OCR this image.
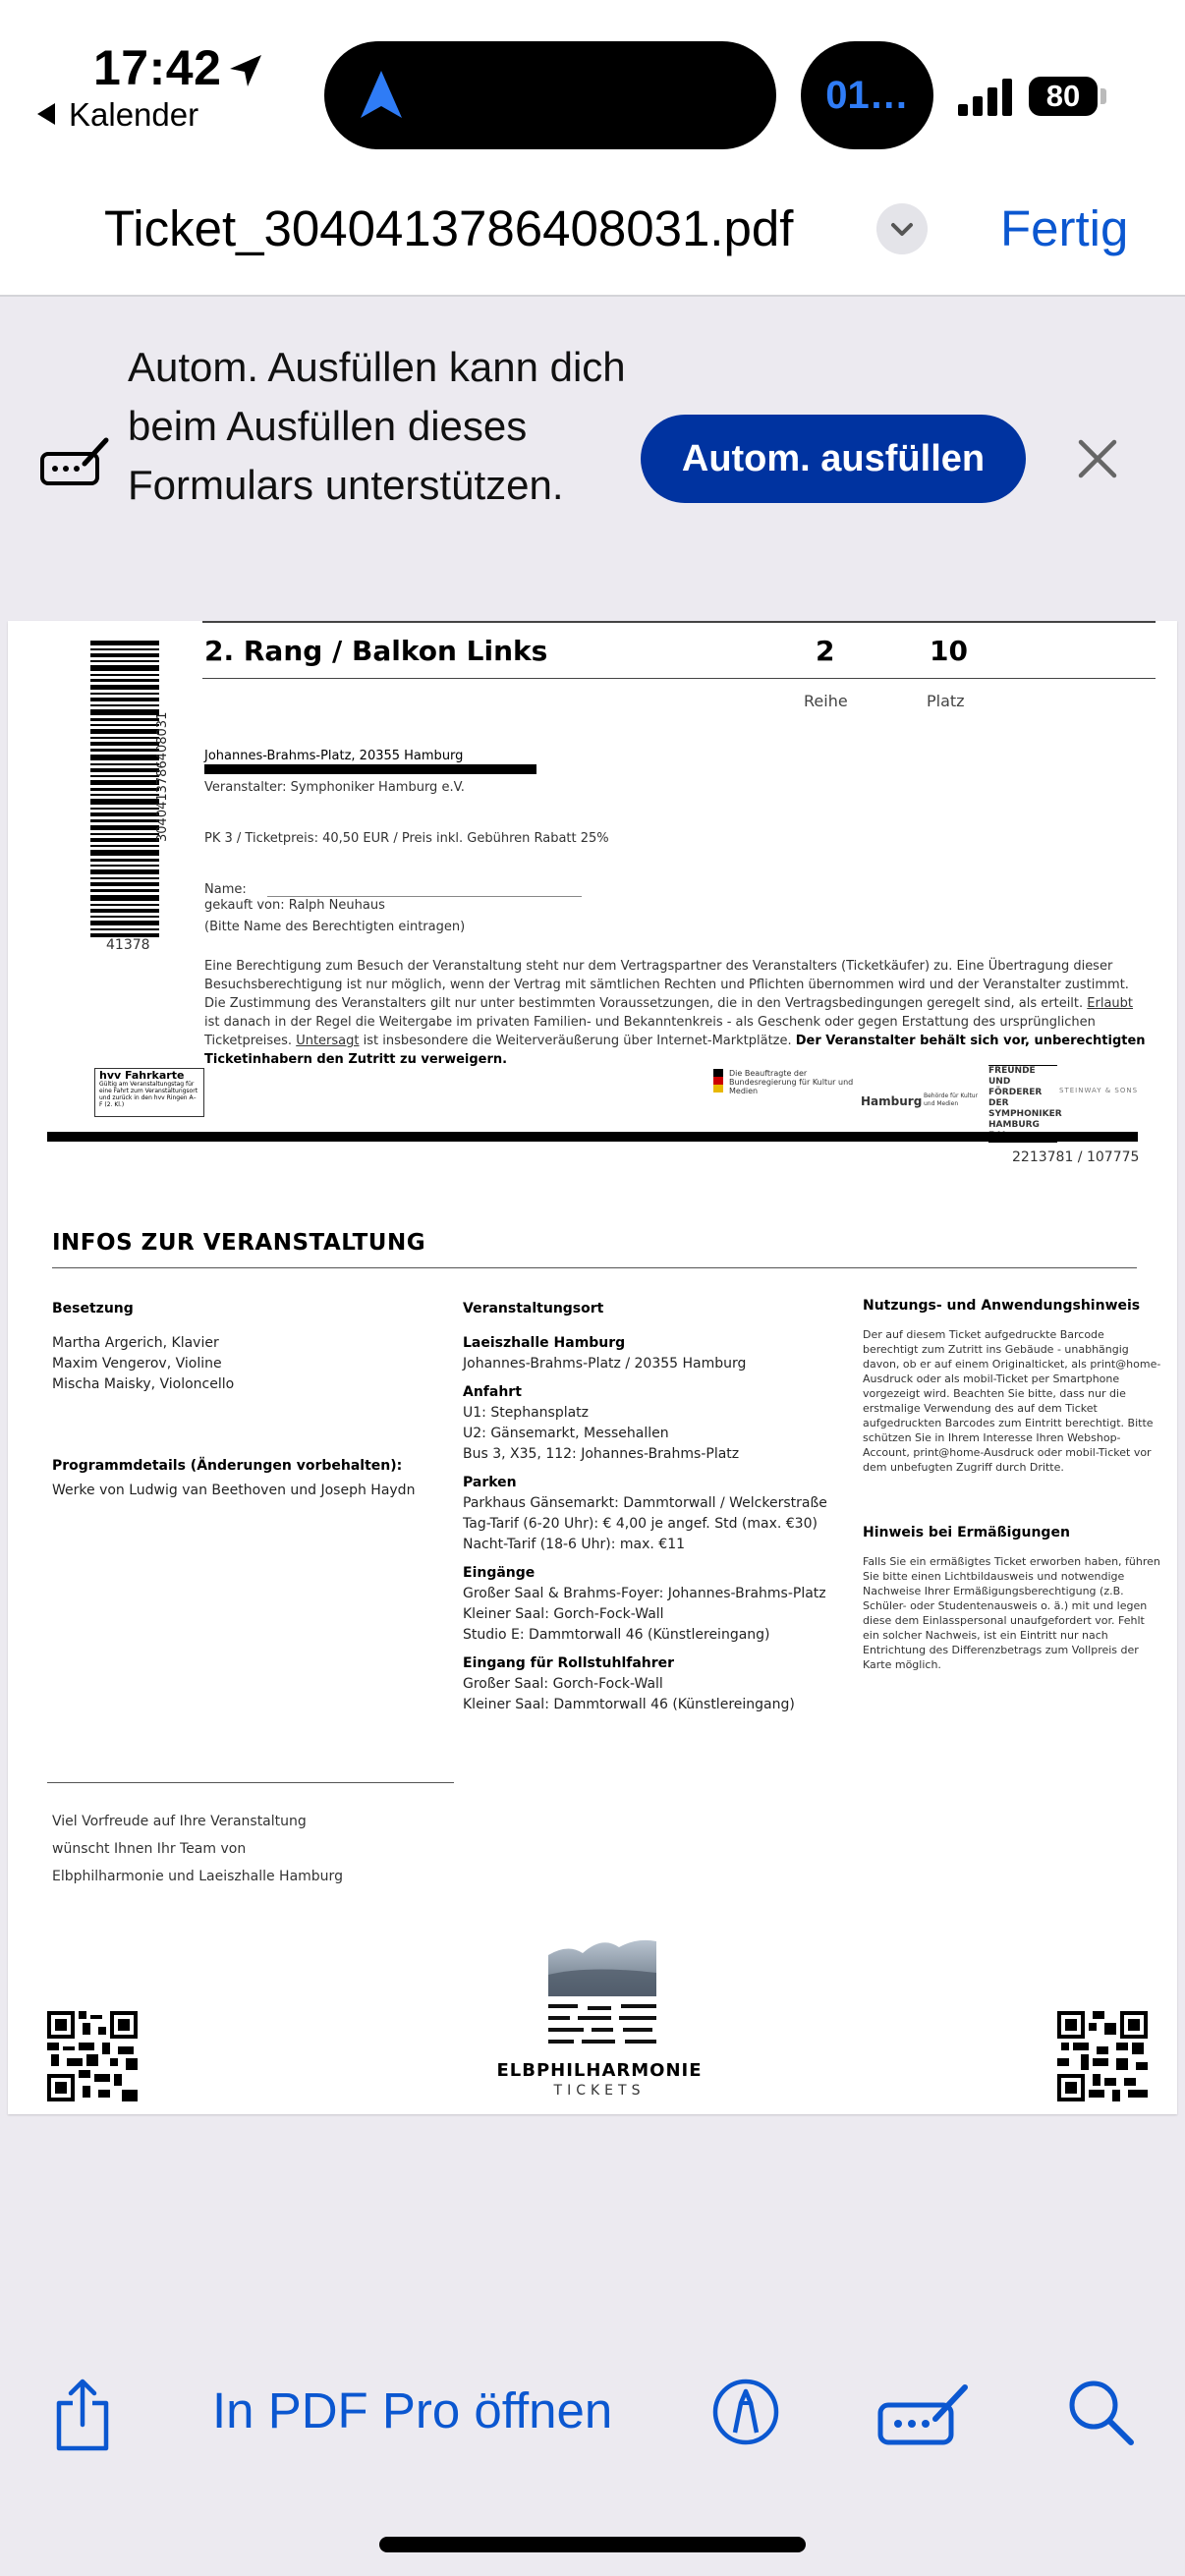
17:42
Kalender	01…	80
Ticket_3040413786408031.pdf	Fertig
Autom. Ausfüllen kann dich beim Ausfüllen dieses Formulars unterstützen.
Autom. ausfüllen
3040413786408031
41378
2. Rang / Balkon Links	2	10
Reihe	Platz
Johannes-Brahms-Platz, 20355 Hamburg
Veranstalter: Symphoniker Hamburg e.V.
PK 3 / Ticketpreis: 40,50 EUR / Preis inkl. Gebühren Rabatt 25%
Name:
gekauft von: Ralph Neuhaus
(Bitte Name des Berechtigten eintragen)
Eine Berechtigung zum Besuch der Veranstaltung steht nur dem Vertragspartner des Veranstalters (Ticketkäufer) zu. Eine Übertragung dieser Besuchsberechtigung ist nur möglich, wenn der Vertrag mit sämtlichen Rechten und Pflichten übernommen wird und der Veranstalter zustimmt. Die Zustimmung des Veranstalters gilt nur unter bestimmten Voraussetzungen, die in den Vertragsbedingungen geregelt sind, als erteilt. Erlaubt ist danach in der Regel die Weitergabe im privaten Familien- und Bekanntenkreis - als Geschenk oder gegen Erstattung des ursprünglichen Ticketpreises. Untersagt ist insbesondere die Weiterveräußerung über Internet-Marktplätze. Der Veranstalter behält sich vor, unberechtigten Ticketinhabern den Zutritt zu verweigern.
hvv Fahrkarte
Gültig am Veranstaltungstag für eine Fahrt zum Veranstaltungsort und zurück in den hvv Ringen A–F (2. Kl.)
Die Beauftragte der Bundesregierung für Kultur und Medien
Hamburg Behörde für Kultur und Medien
FREUNDE UND FÖRDERER DER SYMPHONIKER HAMBURG
STEINWAY & SONS
2213781 / 107775
INFOS ZUR VERANSTALTUNG
Besetzung

Martha Argerich, Klavier

Maxim Vengerov, Violine

Mischa Maisky, Violoncello

Programmdetails (Änderungen vorbehalten):

Werke von Ludwig van Beethoven und Joseph Haydn

Veranstaltungsort
Laeiszhalle Hamburg

Johannes-Brahms-Platz / 20355 Hamburg

Anfahrt

U1: Stephansplatz

U2: Gänsemarkt, Messehallen

Bus 3, X35, 112: Johannes-Brahms-Platz

Parken

Parkhaus Gänsemarkt: Dammtorwall / Welckerstraße

Tag-Tarif (6-20 Uhr): € 4,00 je angef. Std (max. €30)

Nacht-Tarif (18-6 Uhr): max. €11

Eingänge

Großer Saal & Brahms-Foyer: Johannes-Brahms-Platz

Kleiner Saal: Gorch-Fock-Wall

Studio E: Dammtorwall 46 (Künstlereingang)

Eingang für Rollstuhlfahrer

Großer Saal: Gorch-Fock-Wall

Kleiner Saal: Dammtorwall 46 (Künstlereingang)

Nutzungs- und Anwendungshinweis

Der auf diesem Ticket aufgedruckte Barcode berechtigt zum Zutritt ins Gebäude - unabhängig davon, ob er auf einem Originalticket, als print@home-Ausdruck oder als mobil-Ticket per Smartphone vorgezeigt wird. Beachten Sie bitte, dass nur die erstmalige Verwendung des auf dem Ticket aufgedruckten Barcodes zum Eintritt berechtigt. Bitte schützen Sie in Ihrem Interesse Ihren Webshop-Account, print@home-Ausdruck oder mobil-Ticket vor dem unbefugten Zugriff durch Dritte.

Hinweis bei Ermäßigungen

Falls Sie ein ermäßigtes Ticket erworben haben, führen Sie bitte einen Lichtbildausweis und notwendige Nachweise Ihrer Ermäßigungsberechtigung (z.B. Schüler- oder Studentenausweis o. ä.) mit und legen diese dem Einlasspersonal unaufgefordert vor. Fehlt ein solcher Nachweis, ist ein Eintritt nur nach Entrichtung des Differenzbetrags zum Vollpreis der Karte möglich.

Viel Vorfreude auf Ihre Veranstaltung

wünscht Ihnen Ihr Team von

Elbphilharmonie und Laeiszhalle Hamburg

ELBPHILHARMONIE
TICKETS
In PDF Pro öffnen
